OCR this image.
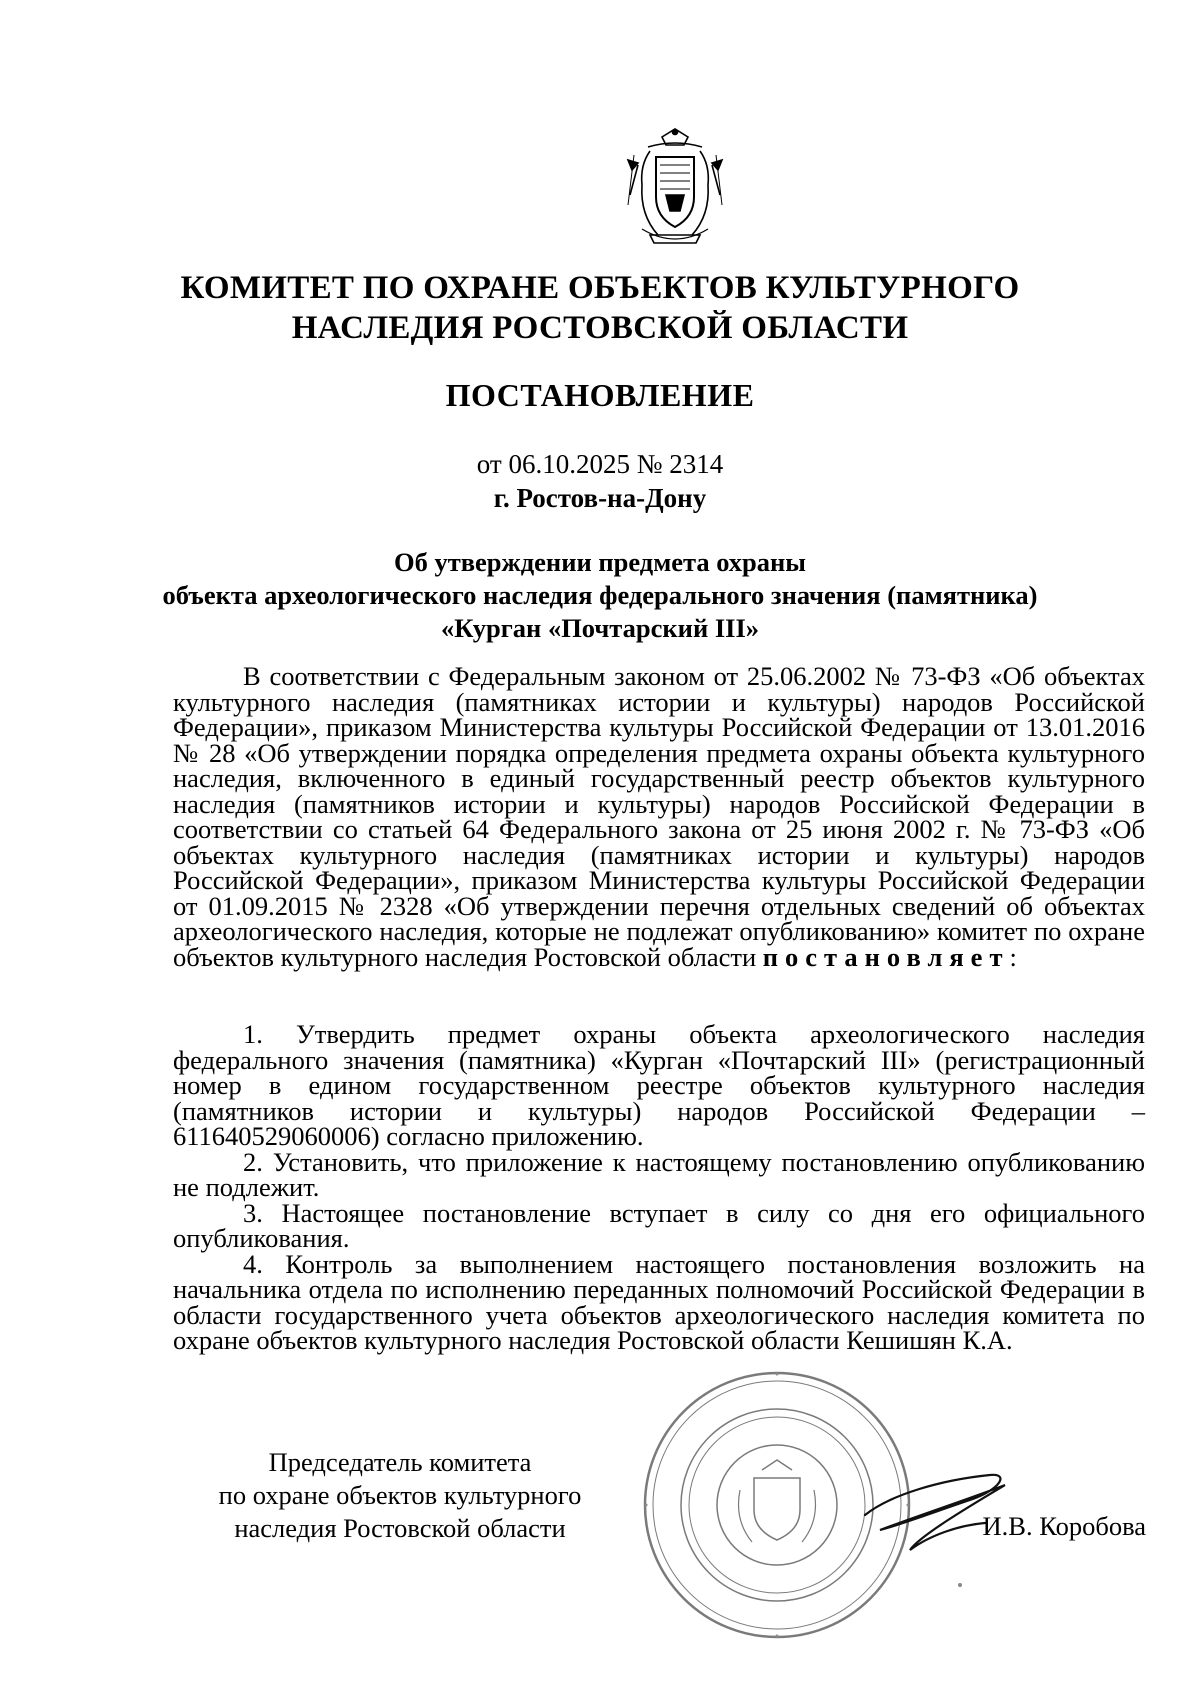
КОМИТЕТ ПО ОХРАНЕ ОБЪЕКТОВ КУЛЬТУРНОГО
НАСЛЕДИЯ РОСТОВСКОЙ ОБЛАСТИ
ПОСТАНОВЛЕНИЕ
от 06.10.2025 № 2314
г. Ростов-на-Дону
Об утверждении предмета охраны
объекта археологического наследия федерального значения (памятника)
«Курган «Почтарский III»

В соответствии с Федеральным законом от 25.06.2002 № 73-ФЗ «Об объектах культурного наследия (памятниках истории и культуры) народов Российской Федерации», приказом Министерства культуры Российской Федерации от 13.01.2016 № 28 «Об утверждении порядка определения предмета охраны объекта культурного наследия, включенного в единый государственный реестр объектов культурного наследия (памятников истории и культуры) народов Российской Федерации в соответствии со статьей 64 Федерального закона от 25 июня 2002 г. № 73-ФЗ «Об объектах культурного наследия (памятниках истории и культуры) народов Российской Федерации», приказом Министерства культуры Российской Федерации от 01.09.2015 № 2328 «Об утверждении перечня отдельных сведений об объектах археологического наследия, которые не подлежат опубликованию» комитет по охране объектов культурного наследия Ростовской области постановляет:

1. Утвердить предмет охраны объекта археологического наследия федерального значения (памятника) «Курган «Почтарский III» (регистрационный номер в едином государственном реестре объектов культурного наследия (памятников истории и культуры) народов Российской Федерации – 611640529060006) согласно приложению.

2. Установить, что приложение к настоящему постановлению опубликованию не подлежит.

3. Настоящее постановление вступает в силу со дня его официального опубликования.

4. Контроль за выполнением настоящего постановления возложить на начальника отдела по исполнению переданных полномочий Российской Федерации в области государственного учета объектов археологического наследия комитета по охране объектов культурного наследия Ростовской области Кешишян К.А.

Председатель комитета
по охране объектов культурного
наследия Ростовской области	И.В. Коробова
